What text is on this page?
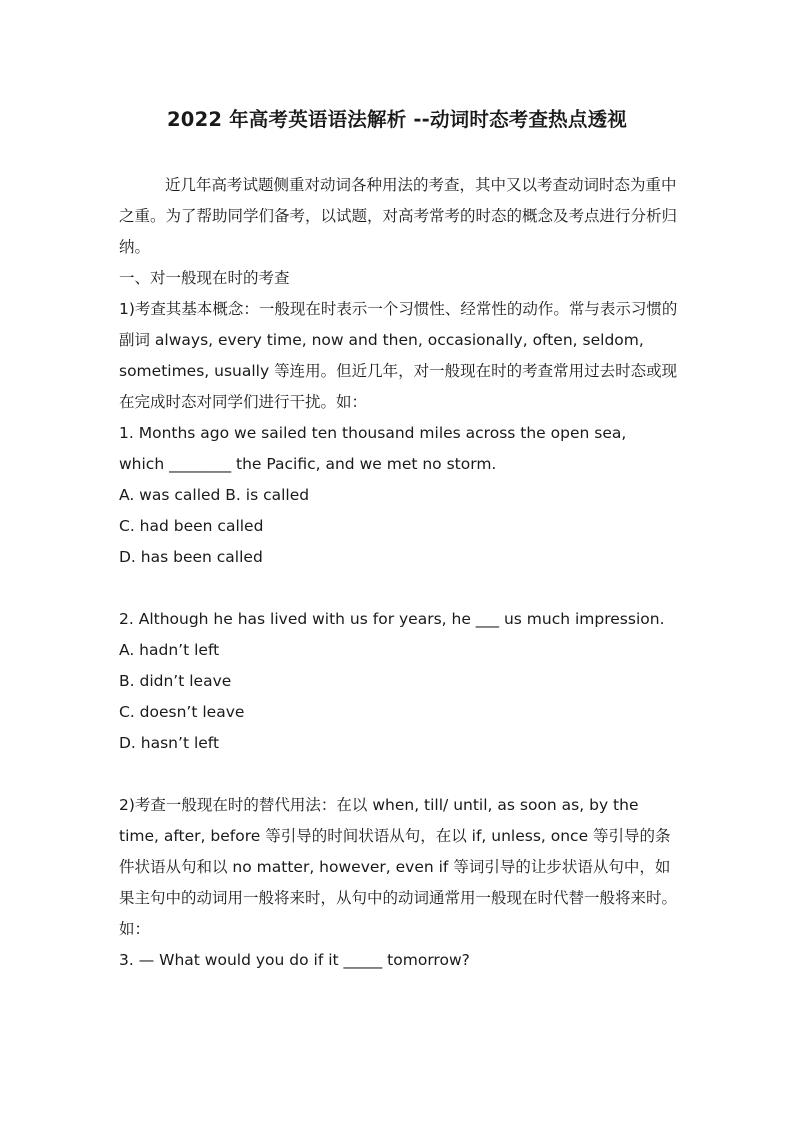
2022 年高考英语语法解析 --动词时态考查热点透视

近几年高考试题侧重对动词各种用法的考查，其中又以考查动词时态为重中之重。为了帮助同学们备考，以试题，对高考常考的时态的概念及考点进行分析归纳。

一、对一般现在时的考查

1)考查其基本概念：一般现在时表示一个习惯性、经常性的动作。常与表示习惯的副词 always, every time, now and then, occasionally, often, seldom, sometimes, usually 等连用。但近几年，对一般现在时的考查常用过去时态或现在完成时态对同学们进行干扰。如：

1. Months ago we sailed ten thousand miles across the open sea,

which ________ the Pacific, and we met no storm.

A. was called B. is called

C. had been called

D. has been called

2. Although he has lived with us for years, he ___ us much impression.

A. hadn’t left

B. didn’t leave

C. doesn’t leave

D. hasn’t left

2)考查一般现在时的替代用法：在以 when, till/ until, as soon as, by the time, after, before 等引导的时间状语从句，在以 if, unless, once 等引导的条件状语从句和以 no matter, however, even if 等词引导的让步状语从句中，如果主句中的动词用一般将来时，从句中的动词通常用一般现在时代替一般将来时。如：

3. — What would you do if it _____ tomorrow?
